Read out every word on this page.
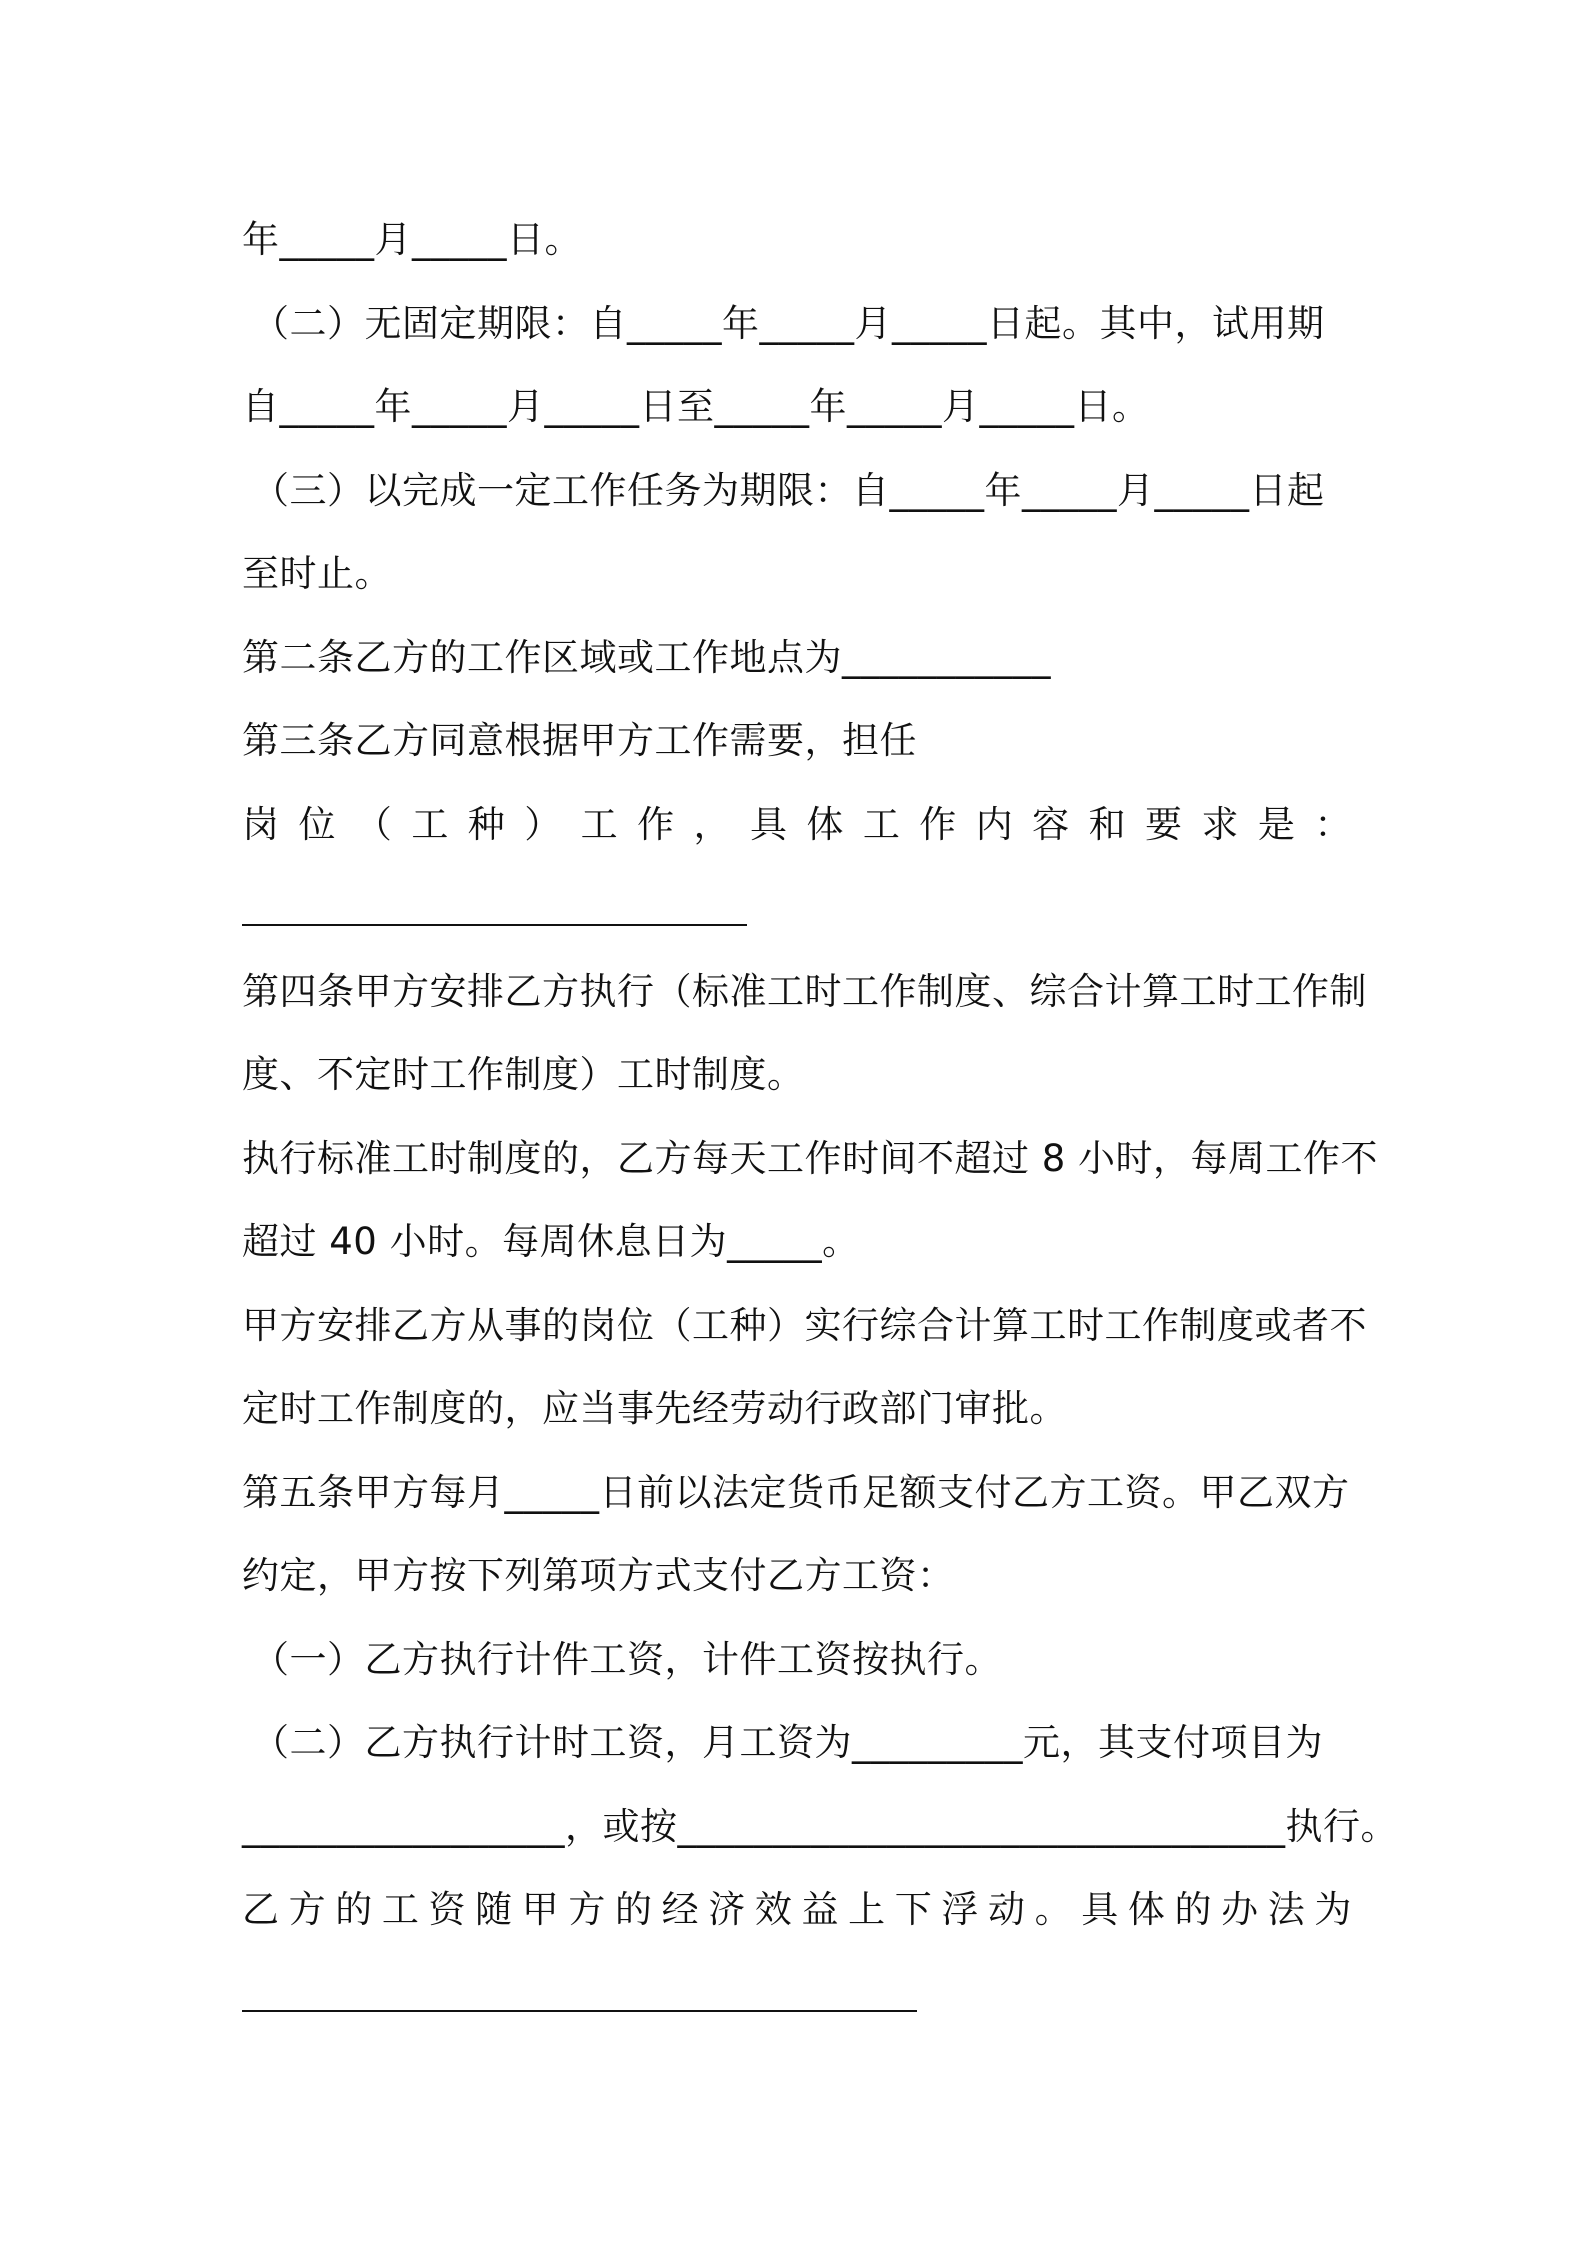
年_____月_____日。
（二）无固定期限：自_____年_____月_____日起。其中，试用期
自_____年_____月_____日至_____年_____月_____日。
（三）以完成一定工作任务为期限：自_____年_____月_____日起
至时止。
第二条乙方的工作区域或工作地点为___________
第三条乙方同意根据甲方工作需要，担任
岗 位 （ 工 种 ） 工 作 ， 具 体 工 作 内 容 和 要 求 是 ：
第四条甲方安排乙方执行（标准工时工作制度、综合计算工时工作制
度、不定时工作制度）工时制度。
执行标准工时制度的，乙方每天工作时间不超过 8 小时，每周工作不
超过 40 小时。每周休息日为_____。
甲方安排乙方从事的岗位（工种）实行综合计算工时工作制度或者不
定时工作制度的，应当事先经劳动行政部门审批。
第五条甲方每月_____日前以法定货币足额支付乙方工资。甲乙双方
约定，甲方按下列第项方式支付乙方工资：
（一）乙方执行计件工资，计件工资按执行。
（二）乙方执行计时工资，月工资为_________元，其支付项目为
_________________，或按________________________________执行。
乙 方 的 工 资 随 甲 方 的 经 济 效 益 上 下 浮 动 。 具 体 的 办 法 为
